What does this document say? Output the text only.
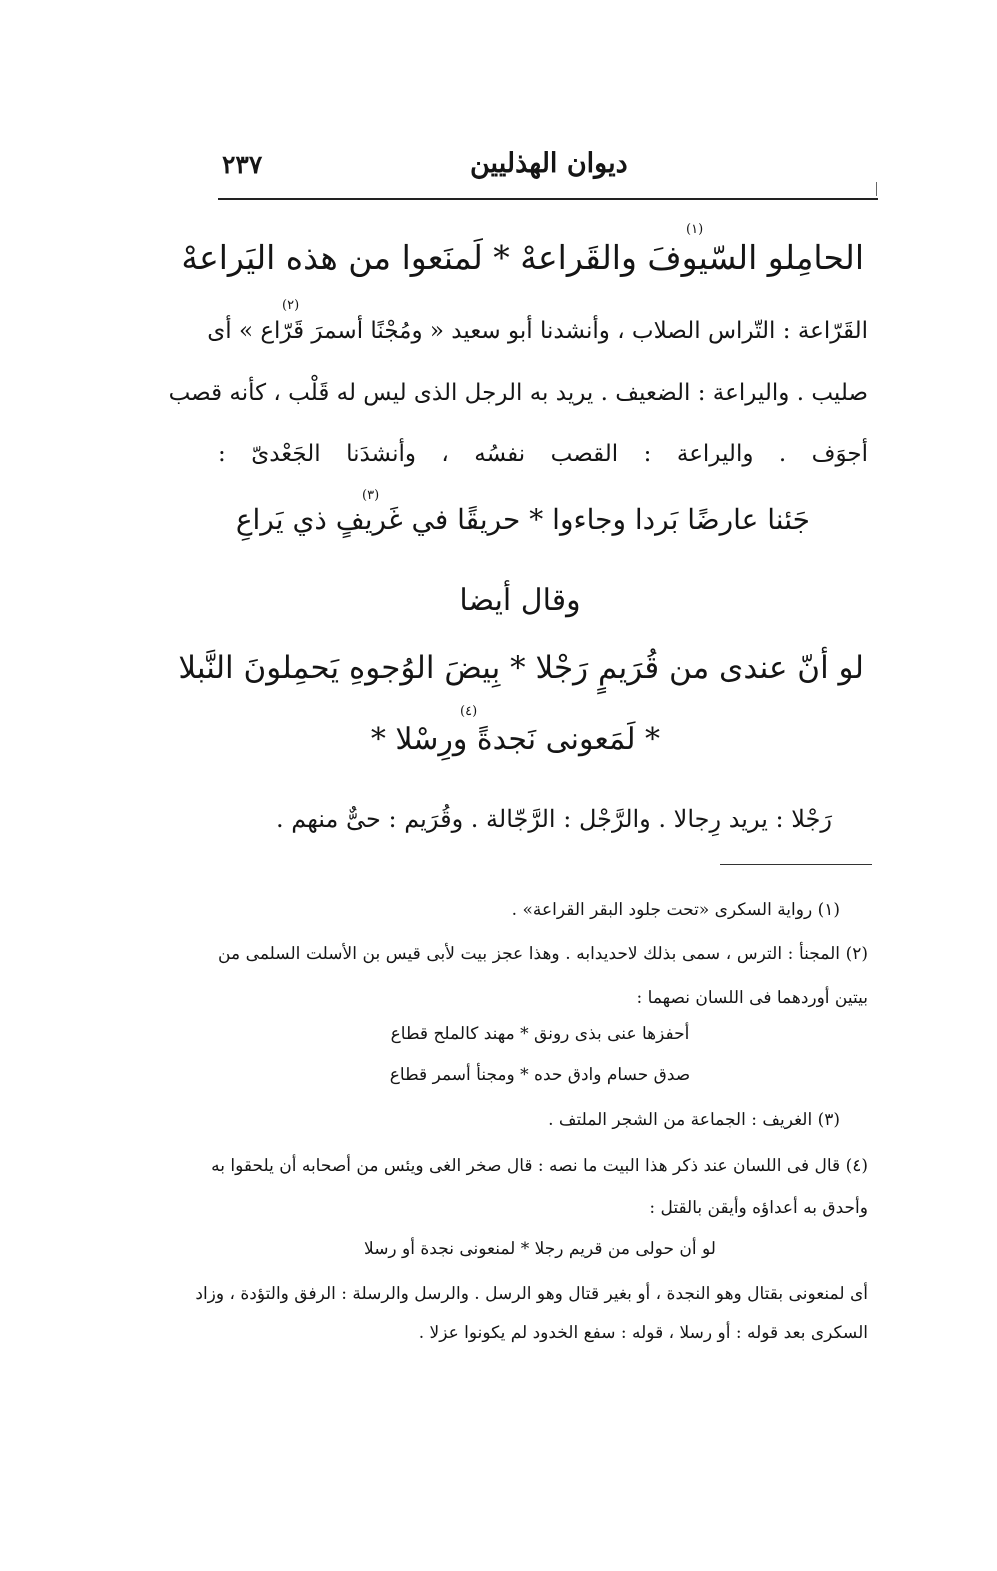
٢٣٧	ديوان الهذليين
(١)
الحامِلو السّيوفَ والقَراعهْ * لَمنَعوا من هذه اليَراعهْ
(٢)
القَرّاعة : التّراس الصلاب ، وأنشدنا أبو سعيد « ومُجْنًا أسمرَ قَرّاع » أى
صليب . واليراعة : الضعيف . يريد به الرجل الذى ليس له قَلْب ، كأنه قصب
أجوَف . واليراعة : القصب نفسُه ، وأنشدَنا الجَعْدىّ :
(٣)
جَئنا عارضًا بَردا وجاءوا * حريقًا في غَريفٍ ذي يَراعِ
وقال أيضا
لو أنّ عندى من قُرَيمٍ رَجْلا * بِيضَ الوُجوهِ يَحمِلونَ النَّبلا
(٤)
* لَمَعونى نَجدةً ورِسْلا *
رَجْلا : يريد رِجالا . والرَّجْل : الرَّجّالة . وقُرَيم : حىٌّ منهم .
(١) رواية السكرى «تحت جلود البقر القراعة» .
(٢) المجنأ : الترس ، سمى بذلك لاحديدابه . وهذا عجز بيت لأبى قيس بن الأسلت السلمى من
بيتين أوردهما فى اللسان نصهما :
أحفزها عنى بذى رونق * مهند كالملح قطاع
صدق حسام وادق حده * ومجنأ أسمر قطاع
(٣) الغريف : الجماعة من الشجر الملتف .
(٤) قال فى اللسان عند ذكر هذا البيت ما نصه : قال صخر الغى ويئس من أصحابه أن يلحقوا به
وأحدق به أعداؤه وأيقن بالقتل :
لو أن حولى من قريم رجلا * لمنعونى نجدة أو رسلا
أى لمنعونى بقتال وهو النجدة ، أو بغير قتال وهو الرسل . والرسل والرسلة : الرفق والتؤدة ، وزاد
السكرى بعد قوله : أو رسلا ، قوله : سفع الخدود لم يكونوا عزلا .
